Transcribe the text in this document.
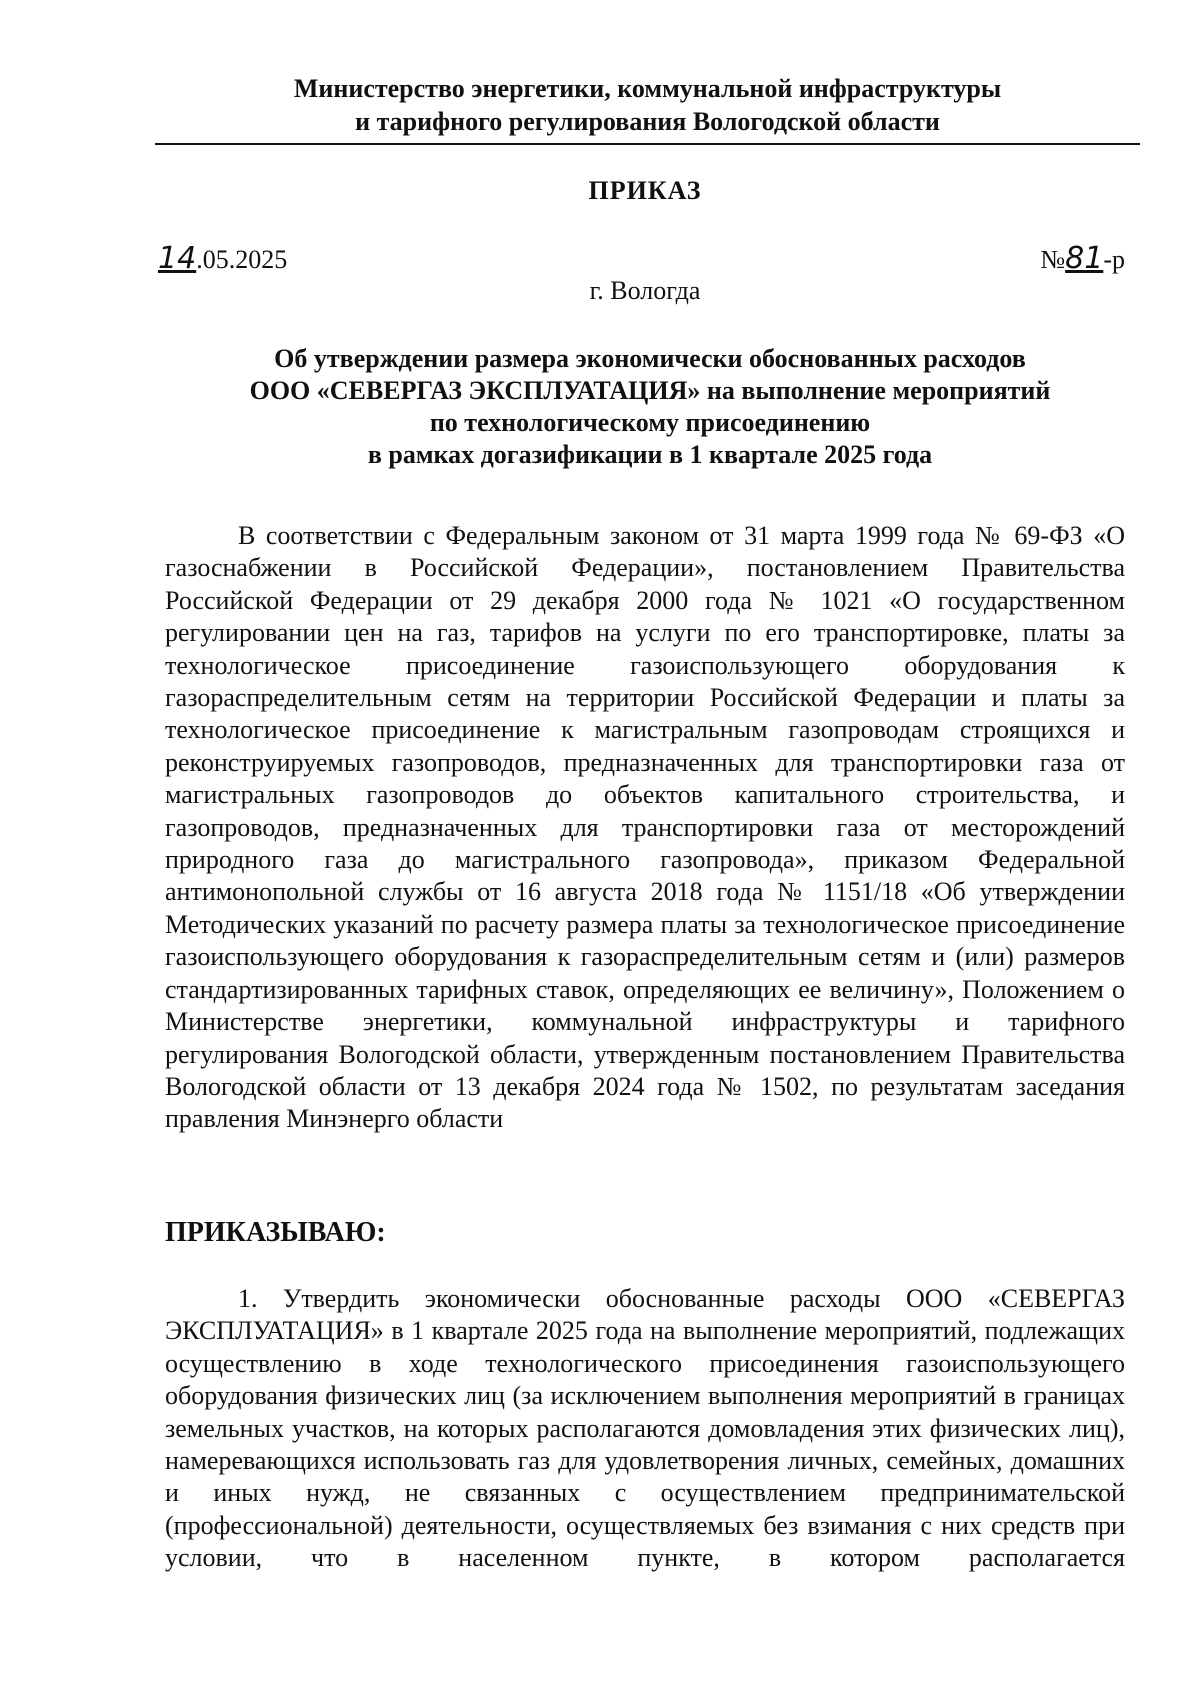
Министерство энергетики, коммунальной инфраструктуры
и тарифного регулирования Вологодской области
ПРИКАЗ
14.05.2025	№81-р
г. Вологда
Об утверждении размера экономически обоснованных расходов
ООО «СЕВЕРГАЗ ЭКСПЛУАТАЦИЯ» на выполнение мероприятий
по технологическому присоединению
в рамках догазификации в 1 квартале 2025 года

В соответствии с Федеральным законом от 31 марта 1999 года № 69-ФЗ «О газоснабжении в Российской Федерации», постановлением Правительства Российской Федерации от 29 декабря 2000 года № 1021 «О государственном регулировании цен на газ, тарифов на услуги по его транспортировке, платы за технологическое присоединение газоиспользующего оборудования к газораспределительным сетям на территории Российской Федерации и платы за технологическое присоединение к магистральным газопроводам строящихся и реконструируемых газопроводов, предназначенных для транспортировки газа от магистральных газопроводов до объектов капитального строительства, и газопроводов, предназначенных для транспортировки газа от месторождений природного газа до магистрального газопровода», приказом Федеральной антимонопольной службы от 16 августа 2018 года № 1151/18 «Об утверждении Методических указаний по расчету размера платы за технологическое присоединение газоиспользующего оборудования к газораспределительным сетям и (или) размеров стандартизированных тарифных ставок, определяющих ее величину», Положением о Министерстве энергетики, коммунальной инфраструктуры и тарифного регулирования Вологодской области, утвержденным постановлением Правительства Вологодской области от 13 декабря 2024 года № 1502, по результатам заседания правления Минэнерго области

ПРИКАЗЫВАЮ:

1. Утвердить экономически обоснованные расходы ООО «СЕВЕРГАЗ ЭКСПЛУАТАЦИЯ» в 1 квартале 2025 года на выполнение мероприятий, подлежащих осуществлению в ходе технологического присоединения газоиспользующего оборудования физических лиц (за исключением выполнения мероприятий в границах земельных участков, на которых располагаются домовладения этих физических лиц), намеревающихся использовать газ для удовлетворения личных, семейных, домашних и иных нужд, не связанных с осуществлением предпринимательской (профессиональной) деятельности, осуществляемых без взимания с них средств при условии, что в населенном пункте, в котором располагается
